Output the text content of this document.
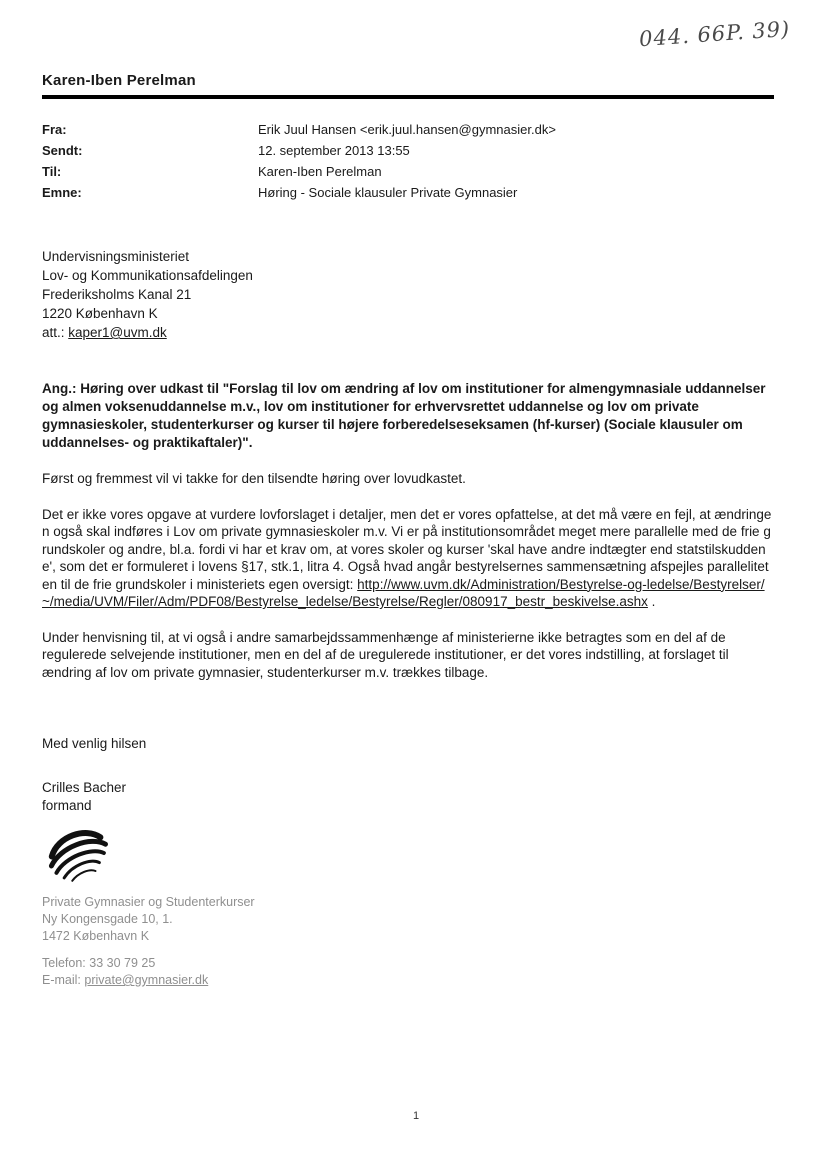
044. 66P. 39)
Karen-Iben Perelman
Fra:	Erik Juul Hansen <erik.juul.hansen@gymnasier.dk>
Sendt:	12. september 2013 13:55
Til:	Karen-Iben Perelman
Emne:	Høring - Sociale klausuler Private Gymnasier
Undervisningsministeriet
Lov- og Kommunikationsafdelingen
Frederiksholms Kanal 21
1220 København K
att.: kaper1@uvm.dk
Ang.: Høring over udkast til "Forslag til lov om ændring af lov om institutioner for almengymnasiale uddannelser og almen voksenuddannelse m.v., lov om institutioner for erhvervsrettet uddannelse og lov om private gymnasieskoler, studenterkurser og kurser til højere forberedelseseksamen (hf-kurser) (Sociale klausuler om uddannelses- og praktikaftaler)".
Først og fremmest vil vi takke for den tilsendte høring over lovudkastet.
Det er ikke vores opgave at vurdere lovforslaget i detaljer, men det er vores opfattelse, at det må være en fejl, at ændringen også skal indføres i Lov om private gymnasieskoler m.v. Vi er på institutionsområdet meget mere parallelle med de frie grundskoler og andre, bl.a. fordi vi har et krav om, at vores skoler og kurser 'skal have andre indtægter end statstilskuddene', som det er formuleret i lovens §17, stk.1, litra 4. Også hvad angår bestyrelsernes sammensætning afspejles paralleliteten til de frie grundskoler i ministeriets egen oversigt: http://www.uvm.dk/Administration/Bestyrelse-og-ledelse/Bestyrelser/~/media/UVM/Filer/Adm/PDF08/Bestyrelse_ledelse/Bestyrelse/Regler/080917_bestr_beskivelse.ashx .
Under henvisning til, at vi også i andre samarbejdssammenhænge af ministerierne ikke betragtes som en del af de regulerede selvejende institutioner, men en del af de uregulerede institutioner, er det vores indstilling, at forslaget til ændring af lov om private gymnasier, studenterkurser m.v. trækkes tilbage.
Med venlig hilsen
Crilles Bacher
formand
Private Gymnasier og Studenterkurser
Ny Kongensgade 10, 1.
1472 København K
Telefon: 33 30 79 25
E-mail: private@gymnasier.dk
1
